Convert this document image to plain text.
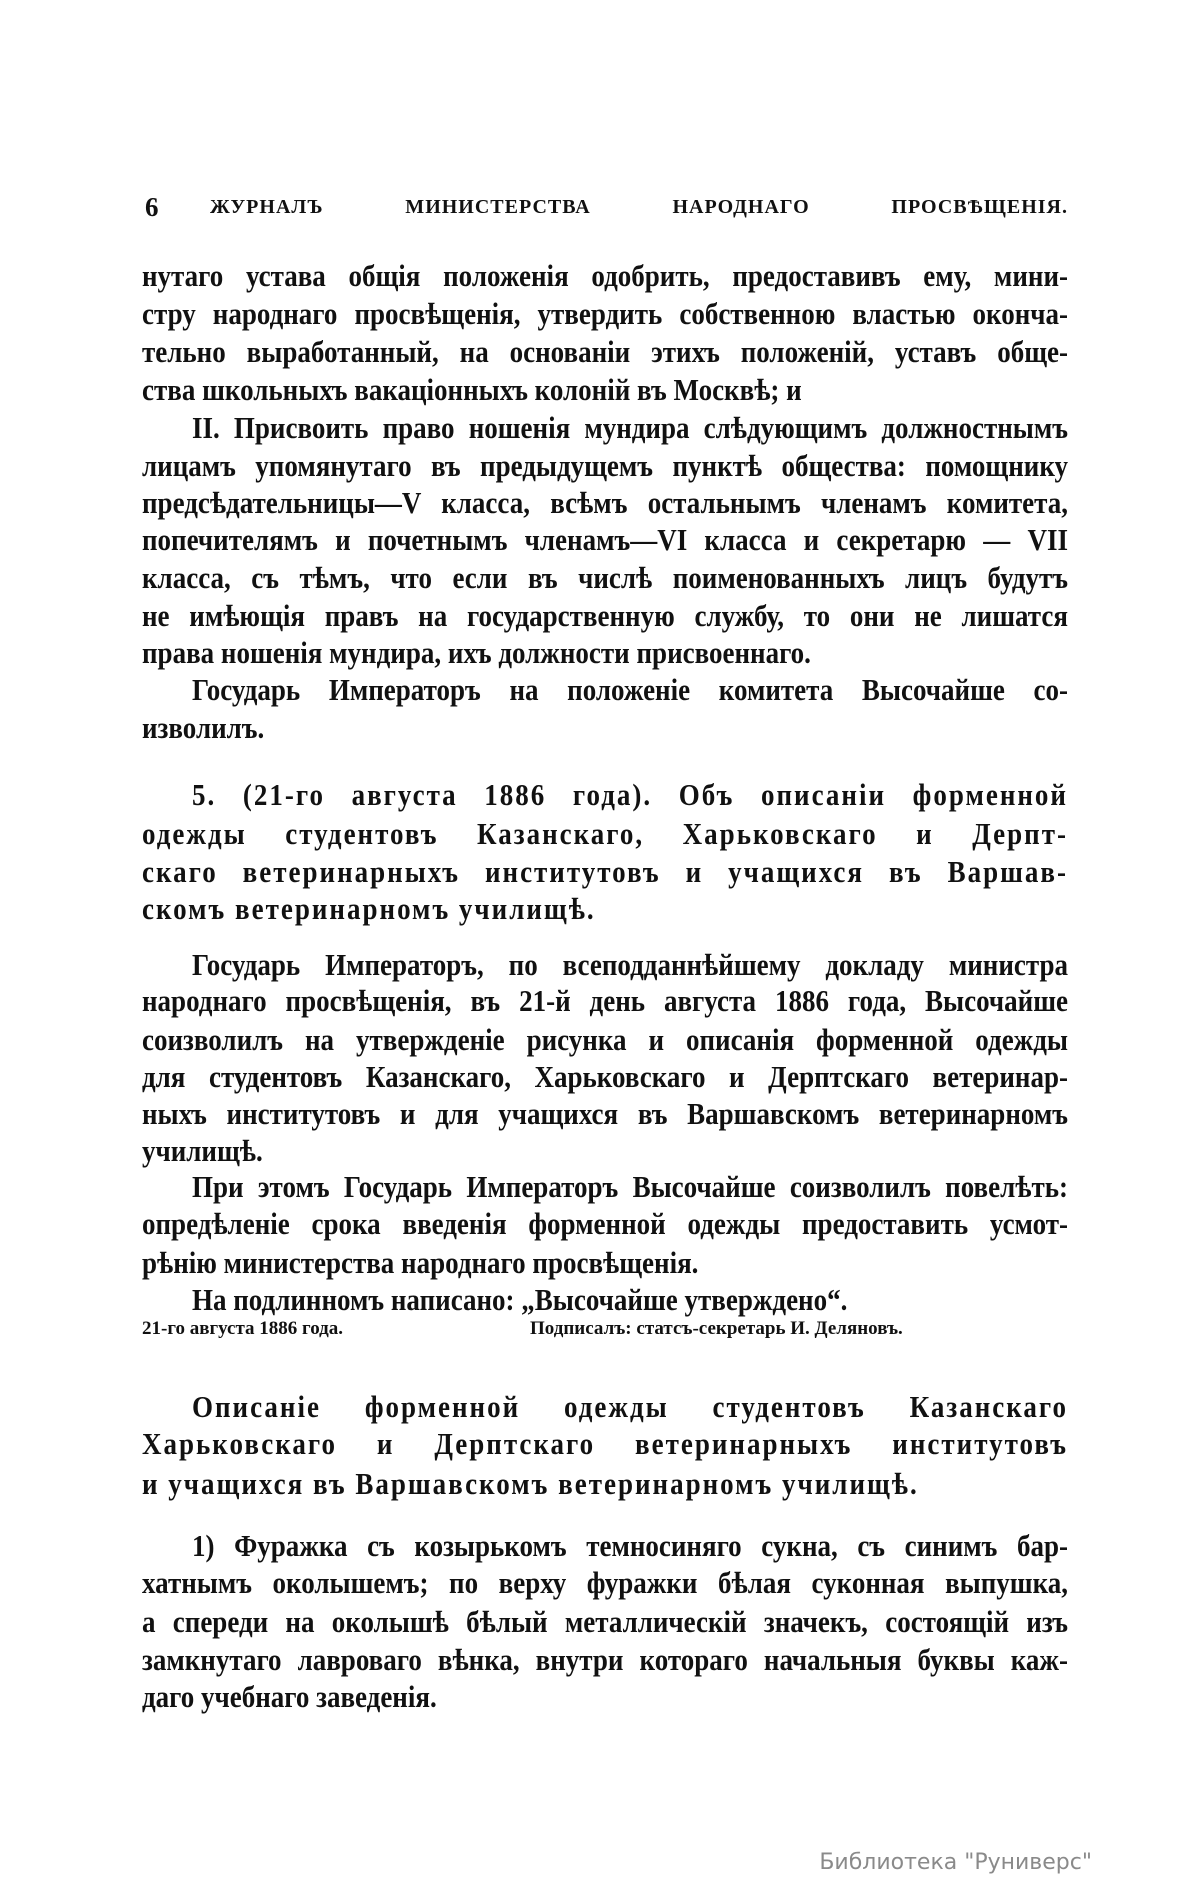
6	ЖУРНАЛЪ МИНИСТЕРСТВА НАРОДНАГО ПРОСВѢЩЕНІЯ.
нутаго устава общія положенія одобрить, предоставивъ ему, мини-
стру народнаго просвѣщенія, утвердить собственною властью оконча-
тельно выработанный, на основаніи этихъ положеній, уставъ обще-
ства школьныхъ вакаціонныхъ колоній въ Москвѣ; и
II. Присвоить право ношенія мундира слѣдующимъ должностнымъ
лицамъ упомянутаго въ предыдущемъ пунктѣ общества: помощнику
предсѣдательницы—V класса, всѣмъ остальнымъ членамъ комитета,
попечителямъ и почетнымъ членамъ—VI класса и секретарю — VII
класса, съ тѣмъ, что если въ числѣ поименованныхъ лицъ будутъ
не имѣющія правъ на государственную службу, то они не лишатся
права ношенія мундира, ихъ должности присвоеннаго.
Государь Императоръ на положеніе комитета Высочайше со-
изволилъ.
5. (21-го августа 1886 года). Объ описаніи форменной
одежды студентовъ Казанскаго, Харьковскаго и Дерпт-
скаго ветеринарныхъ институтовъ и учащихся въ Варшав-
скомъ ветеринарномъ училищѣ.
Государь Императоръ, по всеподданнѣйшему докладу министра
народнаго просвѣщенія, въ 21-й день августа 1886 года, Высочайше
соизволилъ на утвержденіе рисунка и описанія форменной одежды
для студентовъ Казанскаго, Харьковскаго и Дерптскаго ветеринар-
ныхъ институтовъ и для учащихся въ Варшавскомъ ветеринарномъ
училищѣ.
При этомъ Государь Императоръ Высочайше соизволилъ повелѣть:
опредѣленіе срока введенія форменной одежды предоставить усмот-
рѣнію министерства народнаго просвѣщенія.
На подлинномъ написано: „Высочайше утверждено“.
Описаніе форменной одежды студентовъ Казанскаго
Харьковскаго и Дерптскаго ветеринарныхъ институтовъ
и учащихся въ Варшавскомъ ветеринарномъ училищѣ.
1) Фуражка съ козырькомъ темносиняго сукна, съ синимъ бар-
хатнымъ околышемъ; по верху фуражки бѣлая суконная выпушка,
а спереди на околышѣ бѣлый металлическій значекъ, состоящій изъ
замкнутаго лавроваго вѣнка, внутри котораго начальныя буквы каж-
даго учебнаго заведенія.
21-го августа 1886 года.	Подписалъ: статсъ-секретарь И. Деляновъ.
Библиотека "Руниверс"
